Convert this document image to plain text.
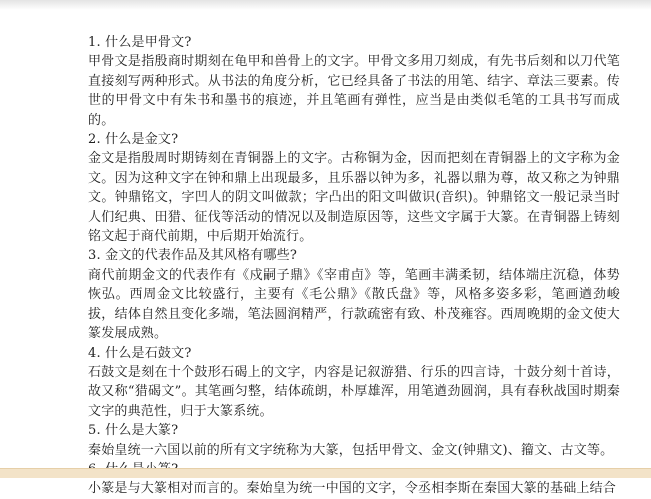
1. 什么是甲骨文?

甲骨文是指殷商时期刻在龟甲和兽骨上的文字。甲骨文多用刀刻成，有先书后刻和以刀代笔直接刻写两种形式。从书法的角度分析，它已经具备了书法的用笔、结字、章法三要素。传世的甲骨文中有朱书和墨书的痕迹，并且笔画有弹性，应当是由类似毛笔的工具书写而成的。

2. 什么是金文?

金文是指殷周时期铸刻在青铜器上的文字。古称铜为金，因而把刻在青铜器上的文字称为金文。因为这种文字在钟和鼎上出现最多，且乐器以钟为多，礼器以鼎为尊，故又称之为钟鼎文。钟鼎铭文，字凹人的阴文叫做款；字凸出的阳文叫做识(音织)。钟鼎铭文一般记录当时人们纪典、田猎、征伐等活动的情况以及制造原因等，这些文字属于大篆。在青铜器上铸刻铭文起于商代前期，中后期开始流行。

3. 金文的代表作品及其风格有哪些?

商代前期金文的代表作有《戍嗣子鼎》《宰甫卣》等，笔画丰满柔韧，结体端庄沉稳，体势恢弘。西周金文比较盛行，主要有《毛公鼎》《散氏盘》等，风格多姿多彩，笔画遒劲峻拔，结体自然且变化多端，笔法圆润精严，行款疏密有致、朴茂雍容。西周晚期的金文使大篆发展成熟。

4. 什么是石鼓文?

石鼓文是刻在十个鼓形石碣上的文字，内容是记叙游猎、行乐的四言诗，十鼓分刻十首诗，故又称“猎碣文”。其笔画匀整，结体疏朗，朴厚雄浑，用笔遒劲圆润，具有春秋战国时期秦文字的典范性，归于大篆系统。

5. 什么是大篆?

秦始皇统一六国以前的所有文字统称为大篆，包括甲骨文、金文(钟鼎文)、籀文、古文等。

小篆是与大篆相对而言的。秦始皇为统一中国的文字，令丞相李斯在秦国大篆的基础上结合
